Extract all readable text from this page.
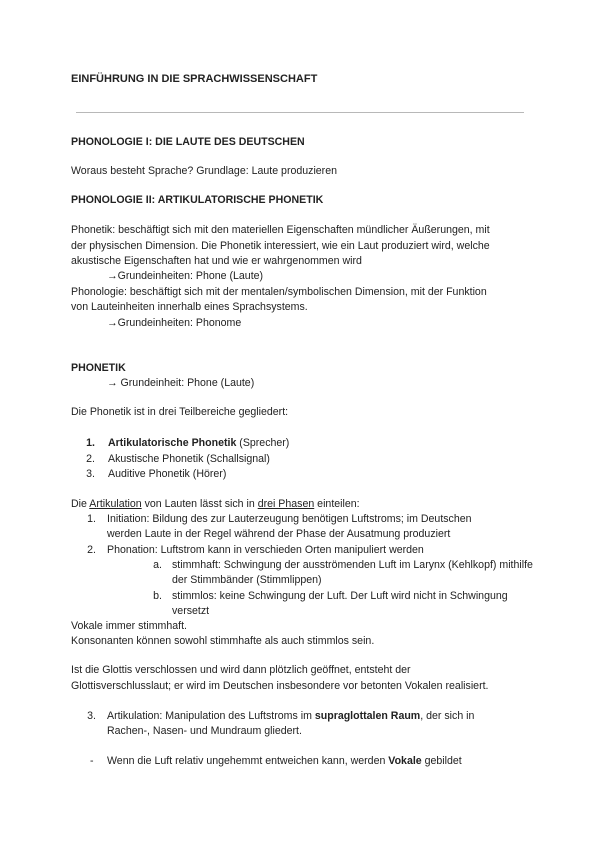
EINFÜHRUNG IN DIE SPRACHWISSENSCHAFT
PHONOLOGIE I: DIE LAUTE DES DEUTSCHEN
Woraus besteht Sprache? Grundlage: Laute produzieren
PHONOLOGIE II: ARTIKULATORISCHE PHONETIK
Phonetik: beschäftigt sich mit den materiellen Eigenschaften mündlicher Äußerungen, mit
der physischen Dimension. Die Phonetik interessiert, wie ein Laut produziert wird, welche
akustische Eigenschaften hat und wie er wahrgenommen wird
→Grundeinheiten: Phone (Laute)
Phonologie: beschäftigt sich mit der mentalen/symbolischen Dimension, mit der Funktion
von Lauteinheiten innerhalb eines Sprachsystems.
→Grundeinheiten: Phonome
PHONETIK
→ Grundeinheit: Phone (Laute)
Die Phonetik ist in drei Teilbereiche gegliedert:
1. Artikulatorische Phonetik (Sprecher)
2. Akustische Phonetik (Schallsignal)
3. Auditive Phonetik (Hörer)
Die Artikulation von Lauten lässt sich in drei Phasen einteilen:
1. Initiation: Bildung des zur Lauterzeugung benötigen Luftstroms; im Deutschen
werden Laute in der Regel während der Phase der Ausatmung produziert
2. Phonation: Luftstrom kann in verschieden Orten manipuliert werden
a. stimmhaft: Schwingung der ausströmenden Luft im Larynx (Kehlkopf) mithilfe
der Stimmbänder (Stimmlippen)
b. stimmlos: keine Schwingung der Luft. Der Luft wird nicht in Schwingung
versetzt
Vokale immer stimmhaft.
Konsonanten können sowohl stimmhafte als auch stimmlos sein.
Ist die Glottis verschlossen und wird dann plötzlich geöffnet, entsteht der
Glottisverschlusslaut; er wird im Deutschen insbesondere vor betonten Vokalen realisiert.
3. Artikulation: Manipulation des Luftstroms im supraglottalen Raum, der sich in
Rachen-, Nasen- und Mundraum gliedert.
- Wenn die Luft relativ ungehemmt entweichen kann, werden Vokale gebildet
